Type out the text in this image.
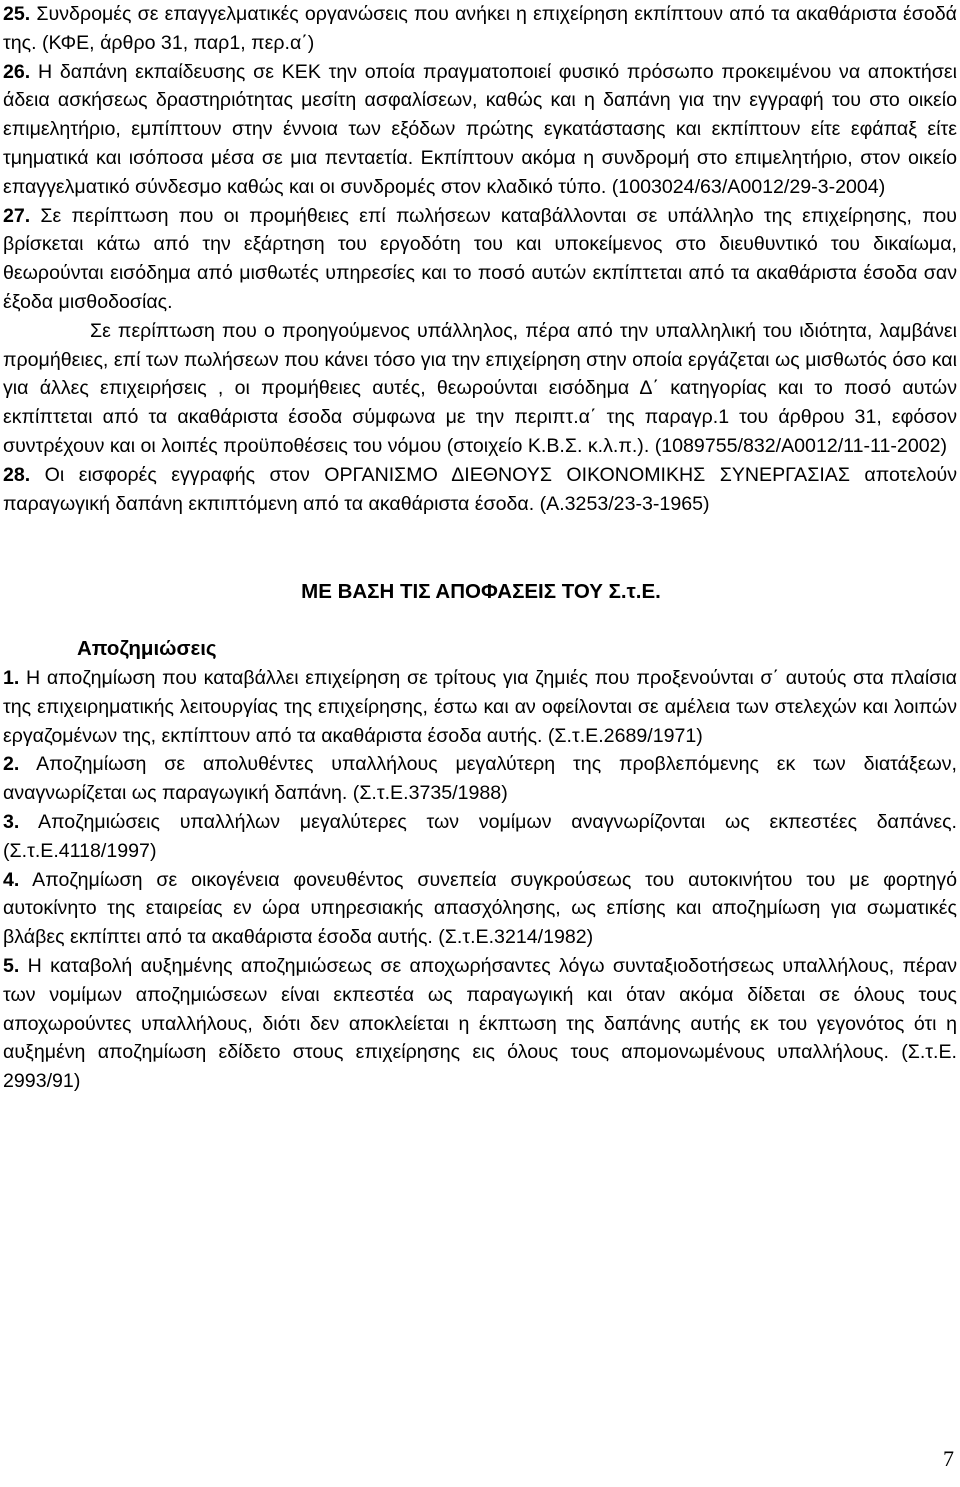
25. Συνδρομές σε επαγγελματικές οργανώσεις που ανήκει η επιχείρηση εκπίπτουν από τα ακαθάριστα έσοδά της. (ΚΦΕ, άρθρο 31, παρ1, περ.α΄)

26. Η δαπάνη εκπαίδευσης σε ΚΕΚ την οποία πραγματοποιεί φυσικό πρόσωπο προκειμένου να αποκτήσει άδεια ασκήσεως δραστηριότητας μεσίτη ασφαλίσεων, καθώς και η δαπάνη για την εγγραφή του στο οικείο επιμελητήριο, εμπίπτουν στην έννοια των εξόδων πρώτης εγκατάστασης και εκπίπτουν είτε εφάπαξ είτε τμηματικά και ισόποσα μέσα σε μια πενταετία. Εκπίπτουν ακόμα η συνδρομή στο επιμελητήριο, στον οικείο επαγγελματικό σύνδεσμο καθώς και οι συνδρομές στον κλαδικό τύπο. (1003024/63/Α0012/29-3-2004)

27. Σε περίπτωση που οι προμήθειες επί πωλήσεων καταβάλλονται σε υπάλληλο της επιχείρησης, που βρίσκεται κάτω από την εξάρτηση του εργοδότη του και υποκείμενος στο διευθυντικό του δικαίωμα, θεωρούνται εισόδημα από μισθωτές υπηρεσίες και το ποσό αυτών εκπίπτεται από τα ακαθάριστα έσοδα σαν έξοδα μισθοδοσίας.

Σε περίπτωση που ο προηγούμενος υπάλληλος, πέρα από την υπαλληλική του ιδιότητα, λαμβάνει προμήθειες, επί των πωλήσεων που κάνει τόσο για την επιχείρηση στην οποία εργάζεται ως μισθωτός όσο και για άλλες επιχειρήσεις , οι προμήθειες αυτές, θεωρούνται εισόδημα Δ΄ κατηγορίας και το ποσό αυτών εκπίπτεται από τα ακαθάριστα έσοδα σύμφωνα με την περιπτ.α΄ της παραγρ.1 του άρθρου 31, εφόσον συντρέχουν και οι λοιπές προϋποθέσεις του νόμου (στοιχείο Κ.Β.Σ. κ.λ.π.). (1089755/832/Α0012/11-11-2002)

28. Οι εισφορές εγγραφής στον ΟΡΓΑΝΙΣΜΟ ΔΙΕΘΝΟΥΣ ΟΙΚΟΝΟΜΙΚΗΣ ΣΥΝΕΡΓΑΣΙΑΣ αποτελούν παραγωγική δαπάνη εκπιπτόμενη από τα ακαθάριστα έσοδα. (Α.3253/23-3-1965)

ΜΕ ΒΑΣΗ ΤΙΣ ΑΠΟΦΑΣΕΙΣ ΤΟΥ Σ.τ.Ε.

Αποζημιώσεις

1. Η αποζημίωση που καταβάλλει επιχείρηση σε τρίτους για ζημιές που προξενούνται σ΄ αυτούς στα πλαίσια της επιχειρηματικής λειτουργίας της επιχείρησης, έστω και αν οφείλονται σε αμέλεια των στελεχών και λοιπών εργαζομένων της, εκπίπτουν από τα ακαθάριστα έσοδα αυτής. (Σ.τ.Ε.2689/1971)

2. Αποζημίωση σε απολυθέντες υπαλλήλους μεγαλύτερη της προβλεπόμενης εκ των διατάξεων, αναγνωρίζεται ως παραγωγική δαπάνη. (Σ.τ.Ε.3735/1988)

3. Αποζημιώσεις υπαλλήλων μεγαλύτερες των νομίμων αναγνωρίζονται ως εκπεστέες δαπάνες. (Σ.τ.Ε.4118/1997)

4. Αποζημίωση σε οικογένεια φονευθέντος συνεπεία συγκρούσεως του αυτοκινήτου του με φορτηγό αυτοκίνητο της εταιρείας εν ώρα υπηρεσιακής απασχόλησης, ως επίσης και αποζημίωση για σωματικές βλάβες εκπίπτει από τα ακαθάριστα έσοδα αυτής. (Σ.τ.Ε.3214/1982)

5. Η καταβολή αυξημένης αποζημιώσεως σε αποχωρήσαντες λόγω συνταξιοδοτήσεως υπαλλήλους, πέραν των νομίμων αποζημιώσεων είναι εκπεστέα ως παραγωγική και όταν ακόμα δίδεται σε όλους τους αποχωρούντες υπαλλήλους, διότι δεν αποκλείεται η έκπτωση της δαπάνης αυτής εκ του γεγονότος ότι η αυξημένη αποζημίωση εδίδετο στους επιχείρησης εις όλους τους απομονωμένους υπαλλήλους. (Σ.τ.Ε. 2993/91)

7
